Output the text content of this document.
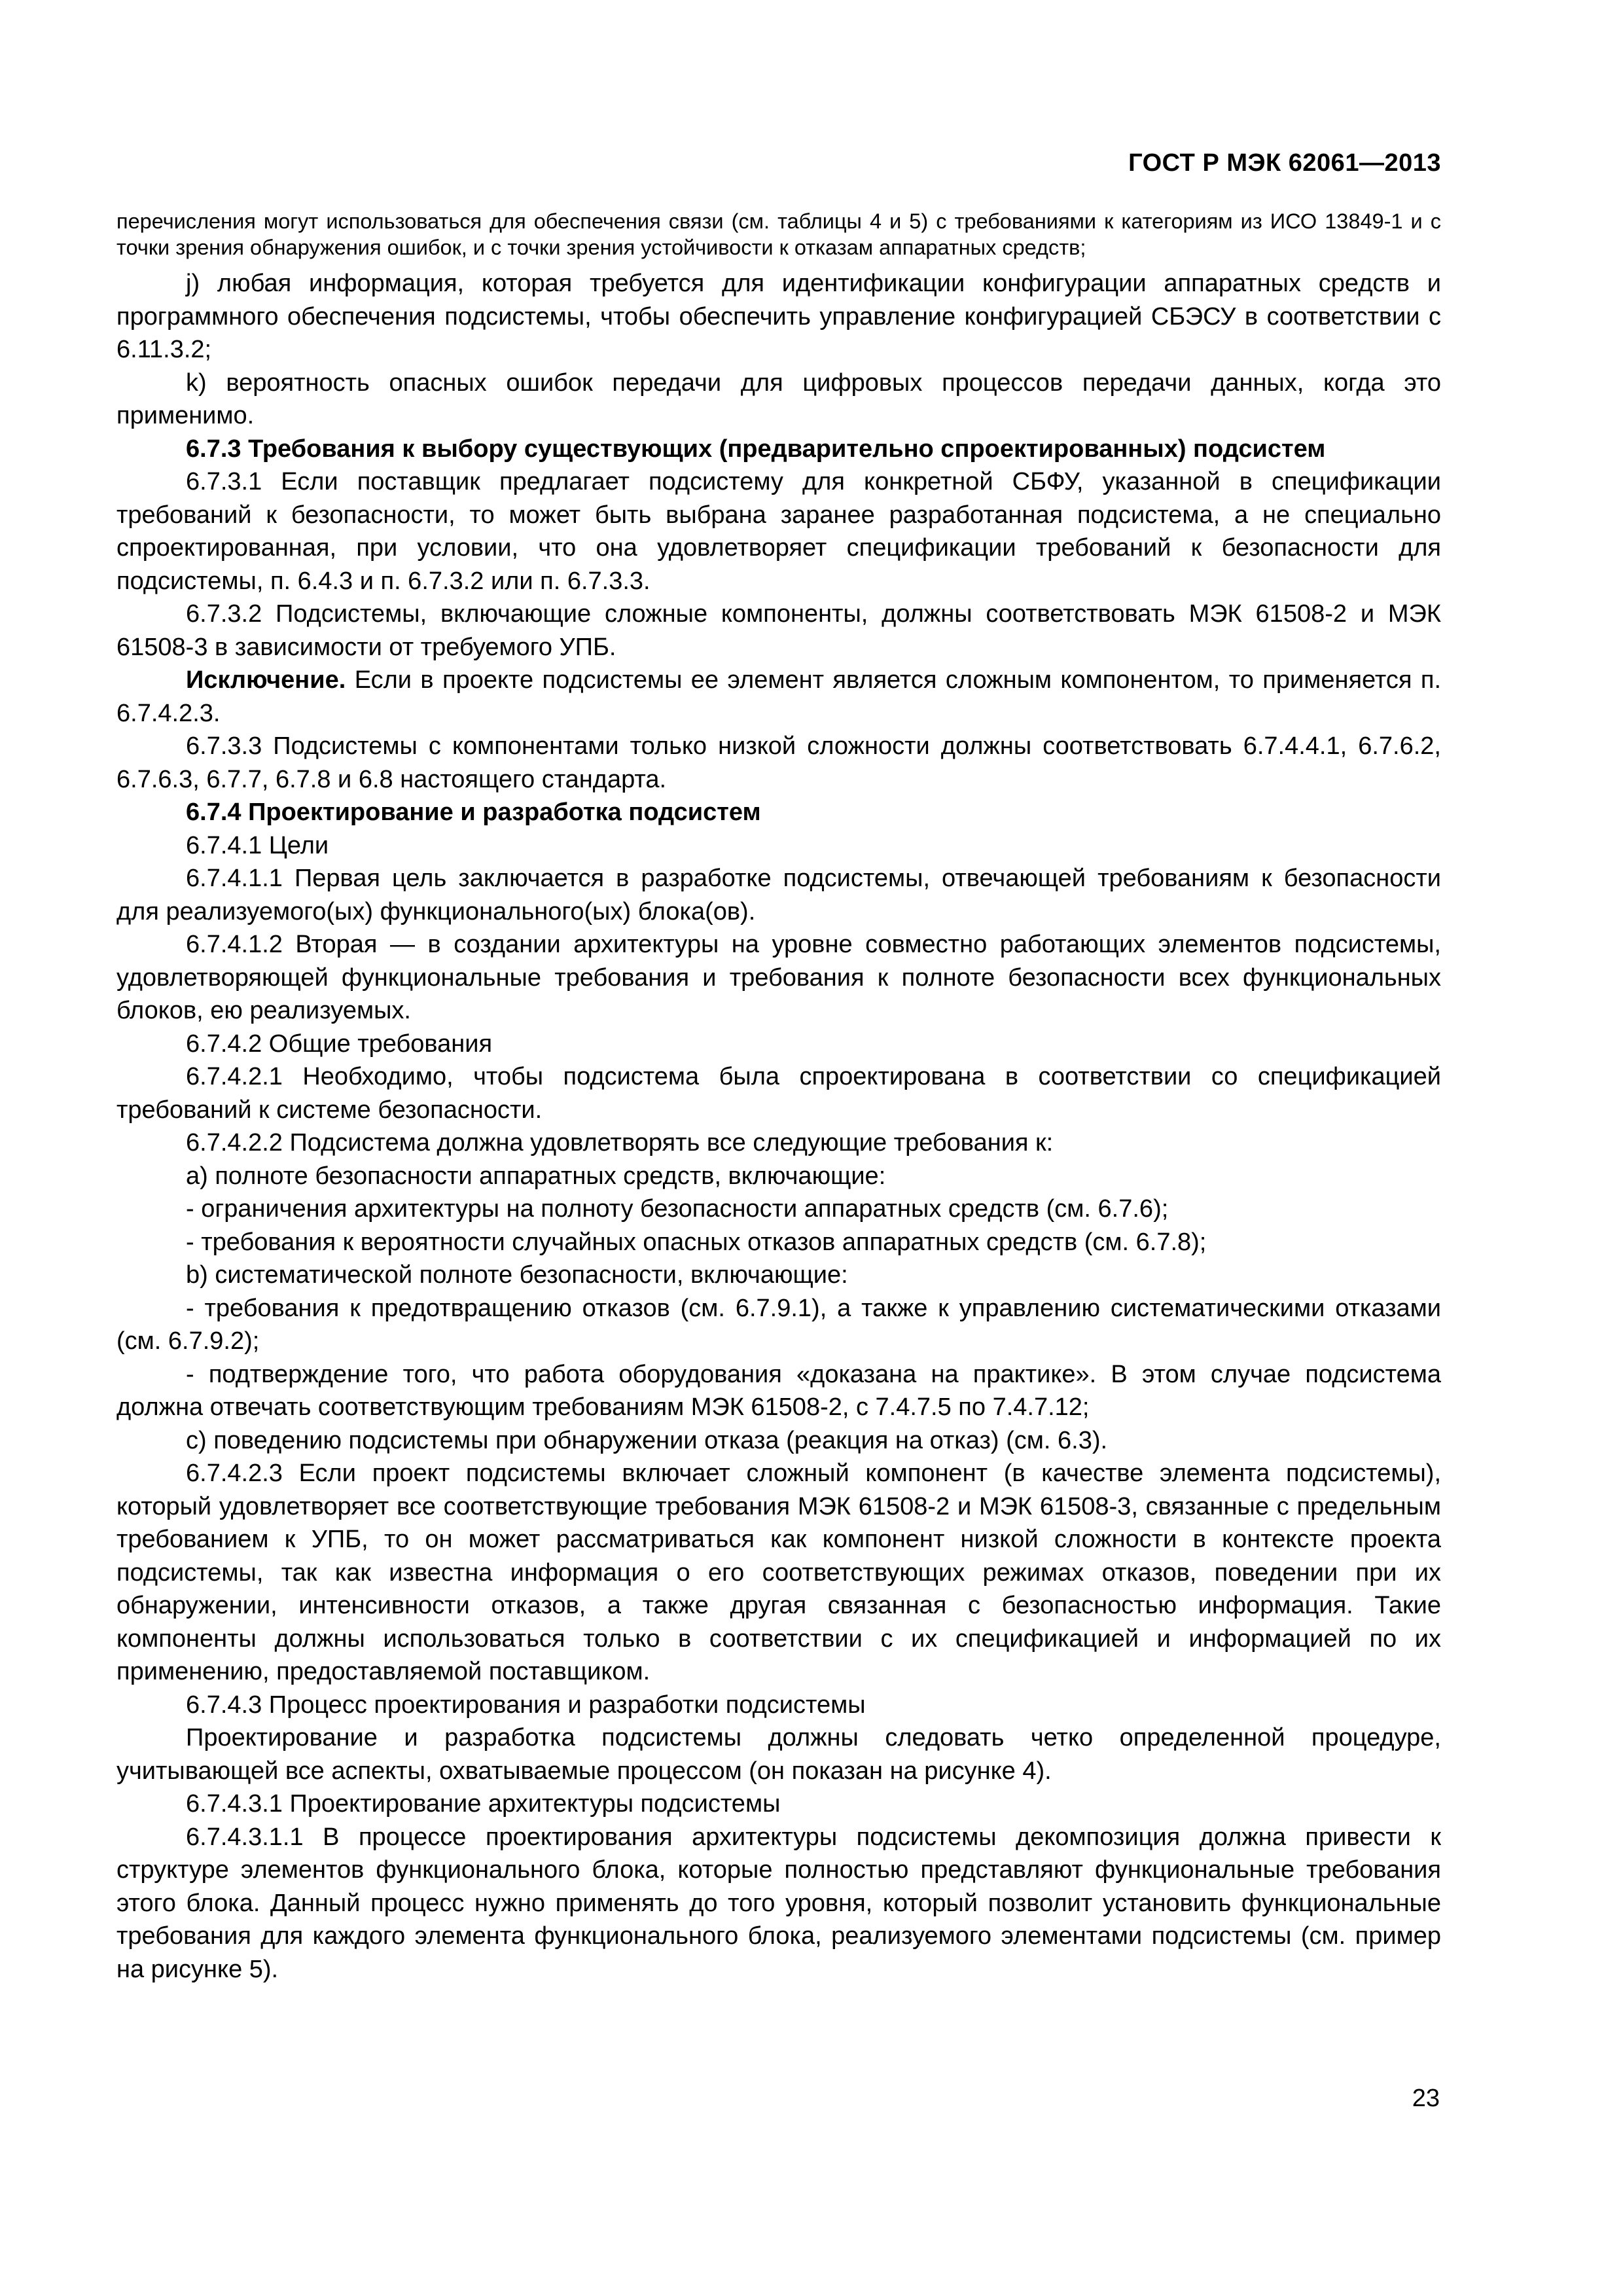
ГОСТ Р МЭК 62061—2013

перечисления могут использоваться для обеспечения связи (см. таблицы 4 и 5) с требованиями к категориям из ИСО 13849-1 и с точки зрения обнаружения ошибок, и с точки зрения устойчивости к отказам аппаратных средств;

j) любая информация, которая требуется для идентификации конфигурации аппаратных средств и программного обеспечения подсистемы, чтобы обеспечить управление конфигурацией СБЭСУ в соответствии с 6.11.3.2;

k) вероятность опасных ошибок передачи для цифровых процессов передачи данных, когда это применимо.

6.7.3 Требования к выбору существующих (предварительно спроектированных) подсистем

6.7.3.1 Если поставщик предлагает подсистему для конкретной СБФУ, указанной в спецификации требований к безопасности, то может быть выбрана заранее разработанная подсистема, а не специально спроектированная, при условии, что она удовлетворяет спецификации требований к безопасности для подсистемы, п. 6.4.3 и п. 6.7.3.2 или п. 6.7.3.3.

6.7.3.2 Подсистемы, включающие сложные компоненты, должны соответствовать МЭК 61508-2 и МЭК 61508-3 в зависимости от требуемого УПБ.

Исключение. Если в проекте подсистемы ее элемент является сложным компонентом, то применяется п. 6.7.4.2.3.

6.7.3.3 Подсистемы с компонентами только низкой сложности должны соответствовать 6.7.4.4.1, 6.7.6.2, 6.7.6.3, 6.7.7, 6.7.8 и 6.8 настоящего стандарта.

6.7.4 Проектирование и разработка подсистем

6.7.4.1 Цели

6.7.4.1.1 Первая цель заключается в разработке подсистемы, отвечающей требованиям к безопасности для реализуемого(ых) функционального(ых) блока(ов).

6.7.4.1.2 Вторая — в создании архитектуры на уровне совместно работающих элементов подсистемы, удовлетворяющей функциональные требования и требования к полноте безопасности всех функциональных блоков, ею реализуемых.

6.7.4.2 Общие требования

6.7.4.2.1 Необходимо, чтобы подсистема была спроектирована в соответствии со спецификацией требований к системе безопасности.

6.7.4.2.2 Подсистема должна удовлетворять все следующие требования к:

a) полноте безопасности аппаратных средств, включающие:

- ограничения архитектуры на полноту безопасности аппаратных средств (см. 6.7.6);

- требования к вероятности случайных опасных отказов аппаратных средств (см. 6.7.8);

b) систематической полноте безопасности, включающие:

- требования к предотвращению отказов (см. 6.7.9.1), а также к управлению систематическими отказами (см. 6.7.9.2);

- подтверждение того, что работа оборудования «доказана на практике». В этом случае подсистема должна отвечать соответствующим требованиям МЭК 61508-2, с 7.4.7.5 по 7.4.7.12;

c) поведению подсистемы при обнаружении отказа (реакция на отказ) (см. 6.3).

6.7.4.2.3 Если проект подсистемы включает сложный компонент (в качестве элемента подсистемы), который удовлетворяет все соответствующие требования МЭК 61508-2 и МЭК 61508-3, связанные с предельным требованием к УПБ, то он может рассматриваться как компонент низкой сложности в контексте проекта подсистемы, так как известна информация о его соответствующих режимах отказов, поведении при их обнаружении, интенсивности отказов, а также другая связанная с безопасностью информация. Такие компоненты должны использоваться только в соответствии с их спецификацией и информацией по их применению, предоставляемой поставщиком.

6.7.4.3 Процесс проектирования и разработки подсистемы

Проектирование и разработка подсистемы должны следовать четко определенной процедуре, учитывающей все аспекты, охватываемые процессом (он показан на рисунке 4).

6.7.4.3.1 Проектирование архитектуры подсистемы

6.7.4.3.1.1 В процессе проектирования архитектуры подсистемы декомпозиция должна привести к структуре элементов функционального блока, которые полностью представляют функциональные требования этого блока. Данный процесс нужно применять до того уровня, который позволит установить функциональные требования для каждого элемента функционального блока, реализуемого элементами подсистемы (см. пример на рисунке 5).

23
